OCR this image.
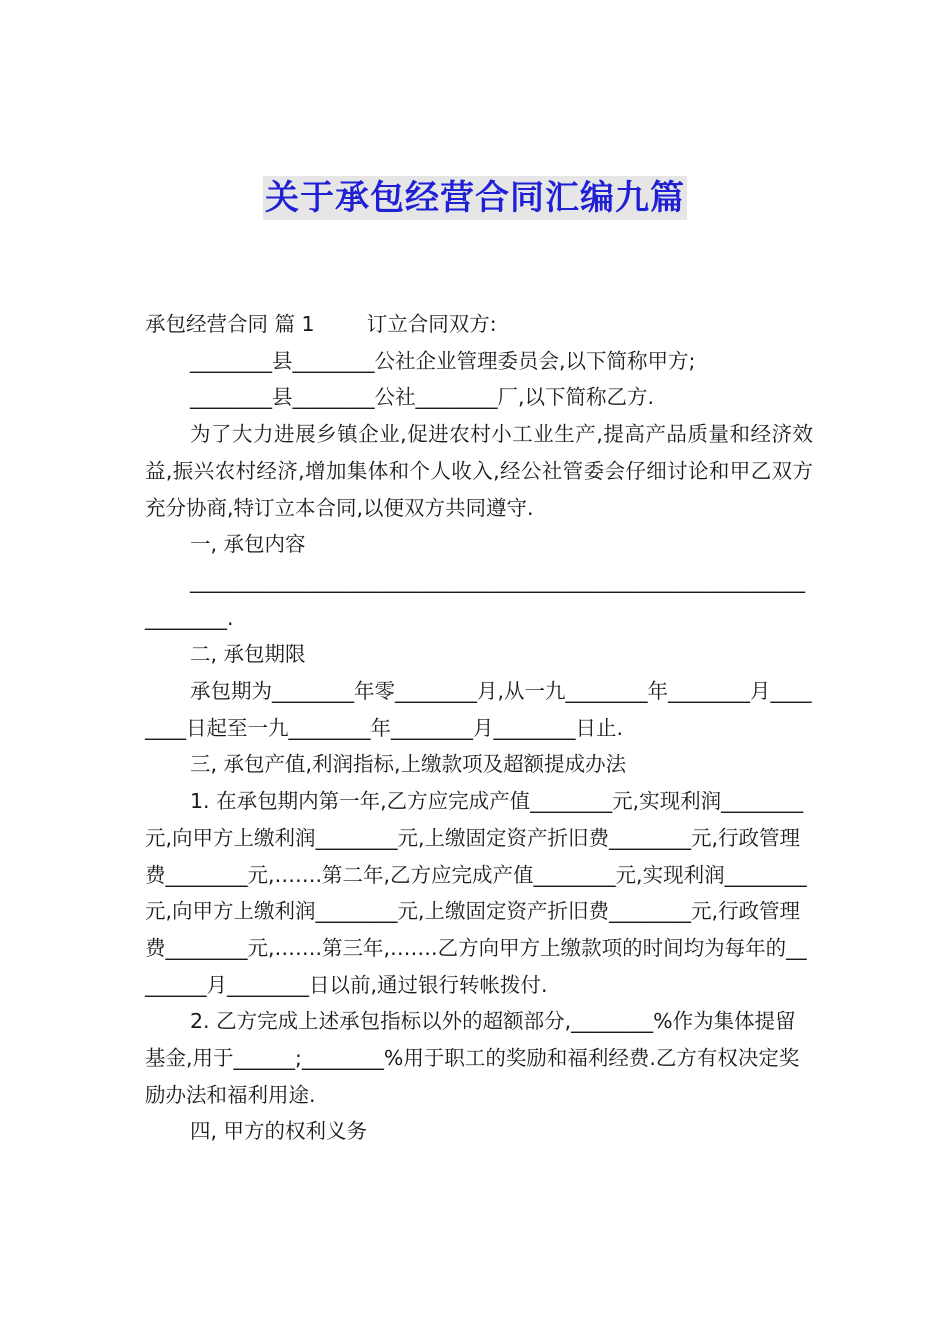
关于承包经营合同汇编九篇

承包经营合同 篇 1        订立合同双方:

________县________公社企业管理委员会,以下简称甲方;

________县________公社________厂,以下简称乙方.

为了大力进展乡镇企业,促进农村小工业生产,提高产品质量和经济效益,振兴农村经济,增加集体和个人收入,经公社管委会仔细讨论和甲乙双方充分协商,特订立本合同,以便双方共同遵守.

一, 承包内容

____________________________________________________________________.

二, 承包期限

承包期为________年零________月,从一九________年________月________日起至一九________年________月________日止.

三, 承包产值,利润指标,上缴款项及超额提成办法

1. 在承包期内第一年,乙方应完成产值________元,实现利润________元,向甲方上缴利润________元,上缴固定资产折旧费________元,行政管理费________元,…….第二年,乙方应完成产值________元,实现利润________元,向甲方上缴利润________元,上缴固定资产折旧费________元,行政管理费________元,…….第三年,…….乙方向甲方上缴款项的时间均为每年的________月________日以前,通过银行转帐拨付.

2. 乙方完成上述承包指标以外的超额部分,________%作为集体提留基金,用于______;________%用于职工的奖励和福利经费.乙方有权决定奖励办法和福利用途.

四, 甲方的权利义务
